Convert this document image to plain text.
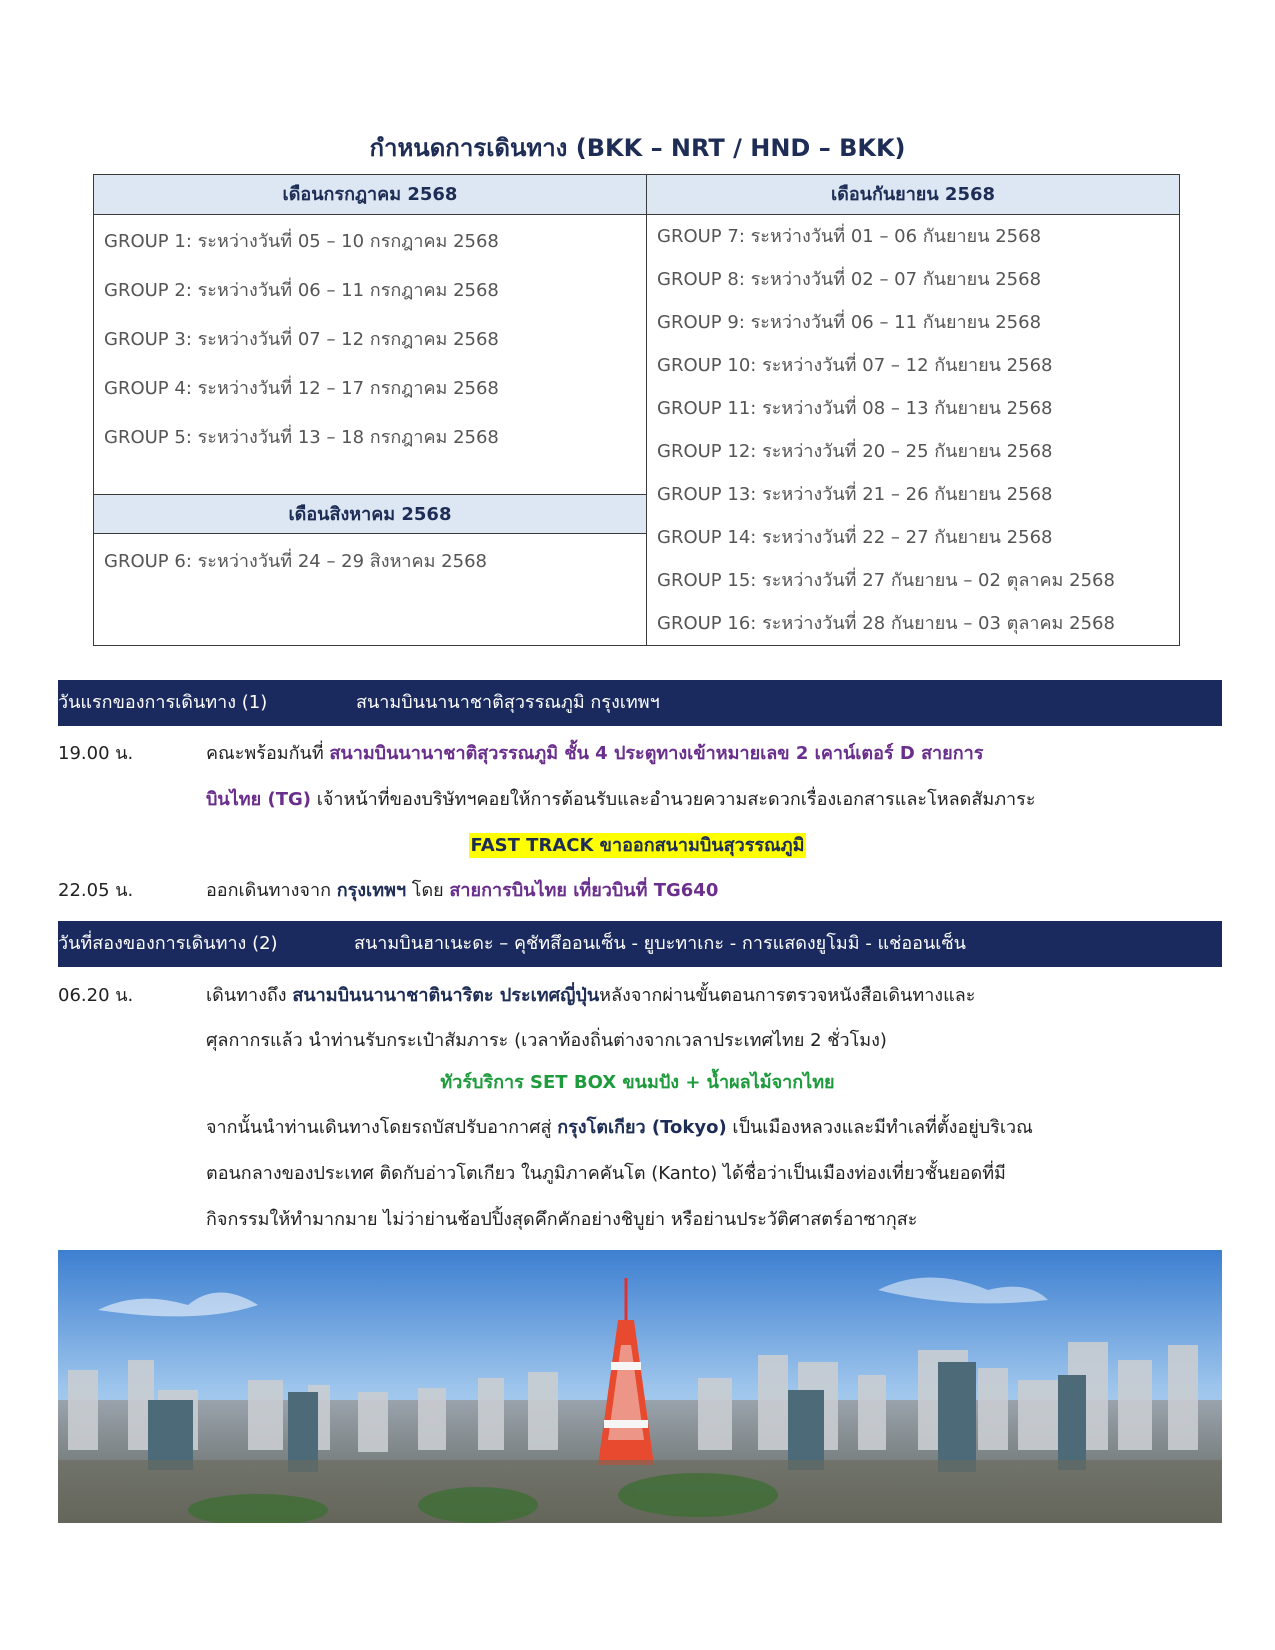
กำหนดการเดินทาง (BKK – NRT / HND – BKK)
เดือนกรกฎาคม 2568
GROUP 1: ระหว่างวันที่ 05 – 10 กรกฎาคม 2568
GROUP 2: ระหว่างวันที่ 06 – 11 กรกฎาคม 2568
GROUP 3: ระหว่างวันที่ 07 – 12 กรกฎาคม 2568
GROUP 4: ระหว่างวันที่ 12 – 17 กรกฎาคม 2568
GROUP 5: ระหว่างวันที่ 13 – 18 กรกฎาคม 2568
เดือนสิงหาคม 2568
GROUP 6: ระหว่างวันที่ 24 – 29 สิงหาคม 2568
เดือนกันยายน 2568
GROUP 7: ระหว่างวันที่ 01 – 06 กันยายน 2568
GROUP 8: ระหว่างวันที่ 02 – 07 กันยายน 2568
GROUP 9: ระหว่างวันที่ 06 – 11 กันยายน 2568
GROUP 10: ระหว่างวันที่ 07 – 12 กันยายน 2568
GROUP 11: ระหว่างวันที่ 08 – 13 กันยายน 2568
GROUP 12: ระหว่างวันที่ 20 – 25 กันยายน 2568
GROUP 13: ระหว่างวันที่ 21 – 26 กันยายน 2568
GROUP 14: ระหว่างวันที่ 22 – 27 กันยายน 2568
GROUP 15: ระหว่างวันที่ 27 กันยายน – 02 ตุลาคม 2568
GROUP 16: ระหว่างวันที่ 28 กันยายน – 03 ตุลาคม 2568
วันแรกของการเดินทาง (1)	สนามบินนานาชาติสุวรรณภูมิ กรุงเทพฯ
19.00 น.	คณะพร้อมกันที่ สนามบินนานาชาติสุวรรณภูมิ ชั้น 4 ประตูทางเข้าหมายเลข 2 เคาน์เตอร์ D สายการ
บินไทย (TG) เจ้าหน้าที่ของบริษัทฯคอยให้การต้อนรับและอำนวยความสะดวกเรื่องเอกสารและโหลดสัมภาระ
FAST TRACK ขาออกสนามบินสุวรรณภูมิ
22.05 น.	ออกเดินทางจาก กรุงเทพฯ โดย สายการบินไทย เที่ยวบินที่ TG640
วันที่สองของการเดินทาง (2)	สนามบินฮาเนะดะ – คุชัทสึออนเซ็น - ยูบะทาเกะ - การแสดงยูโมมิ - แช่ออนเซ็น
06.20 น.	เดินทางถึง สนามบินนานาชาตินาริตะ ประเทศญี่ปุ่นหลังจากผ่านขั้นตอนการตรวจหนังสือเดินทางและ
ศุลกากรแล้ว นำท่านรับกระเป๋าสัมภาระ (เวลาท้องถิ่นต่างจากเวลาประเทศไทย 2 ชั่วโมง)
ทัวร์บริการ SET BOX ขนมปัง + น้ำผลไม้จากไทย
จากนั้นนำท่านเดินทางโดยรถบัสปรับอากาศสู่ กรุงโตเกียว (Tokyo) เป็นเมืองหลวงและมีทำเลที่ตั้งอยู่บริเวณ
ตอนกลางของประเทศ ติดกับอ่าวโตเกียว ในภูมิภาคคันโต (Kanto) ได้ชื่อว่าเป็นเมืองท่องเที่ยวชั้นยอดที่มี
กิจกรรมให้ทำมากมาย ไม่ว่าย่านช้อปปิ้งสุดคึกคักอย่างชิบูย่า หรือย่านประวัติศาสตร์อาซากุสะ
